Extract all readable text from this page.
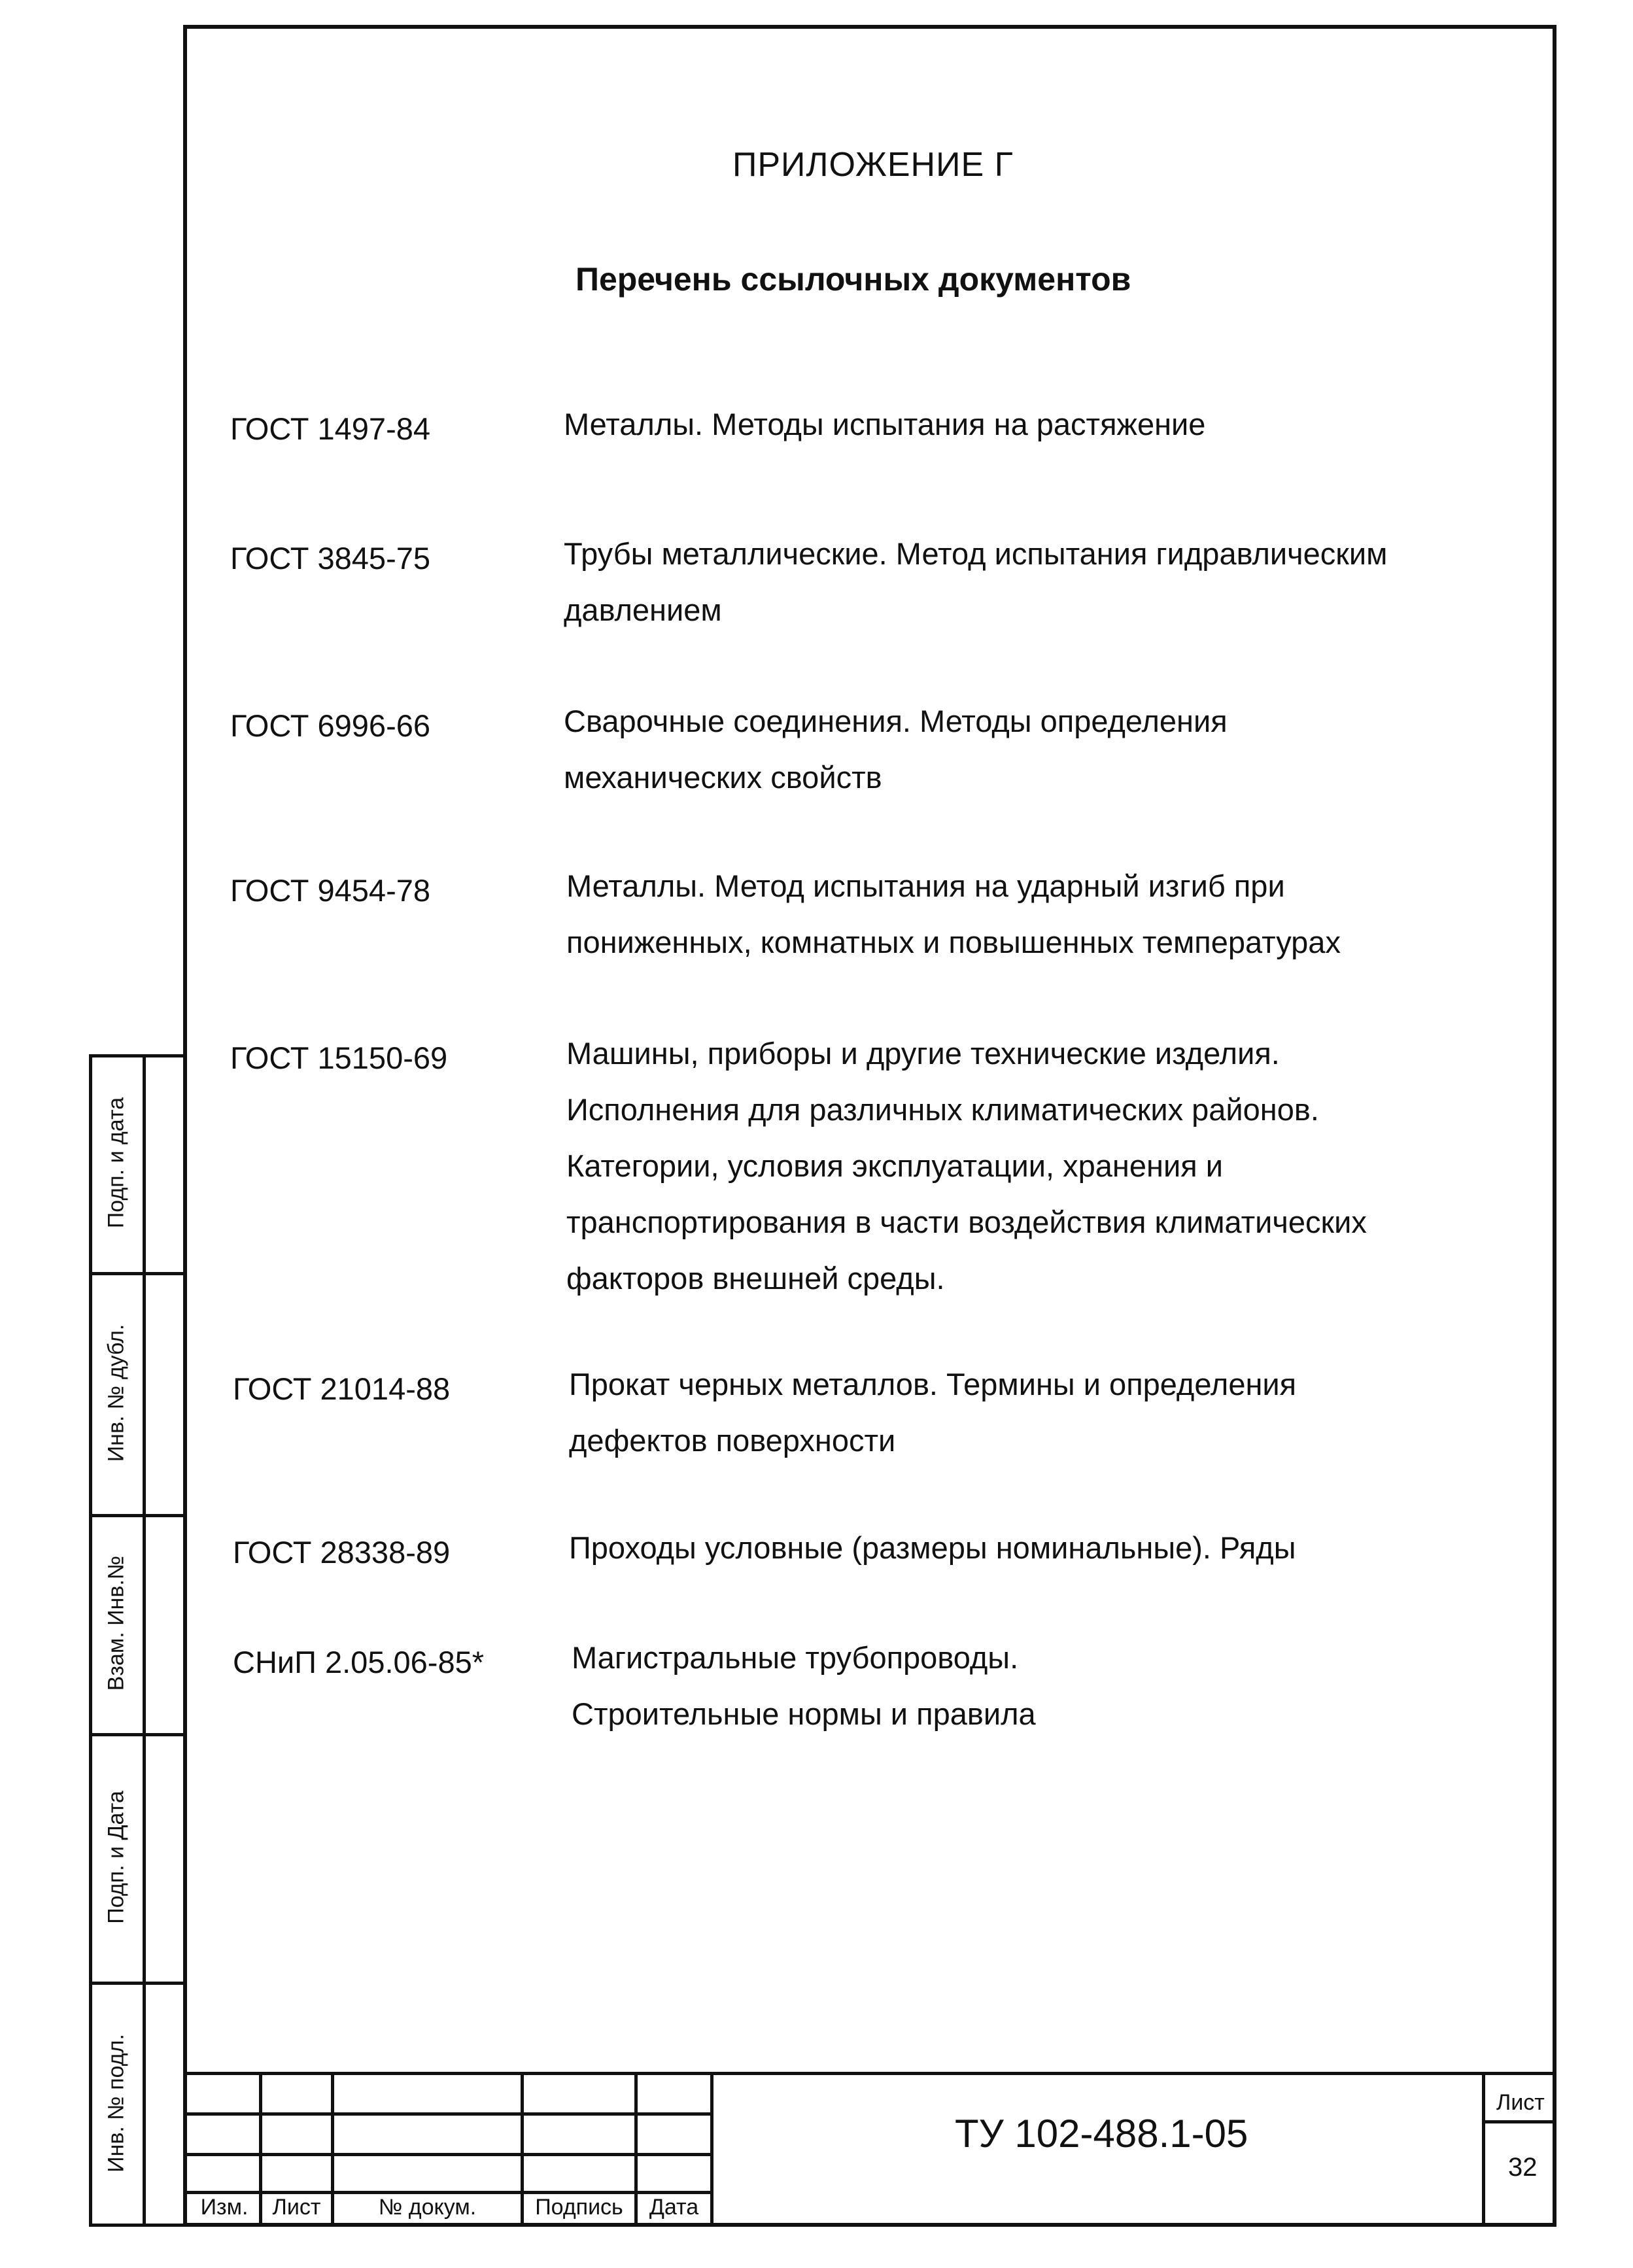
ПРИЛОЖЕНИЕ Г
Перечень ссылочных документов
ГОСТ 1497-84	Металлы. Методы испытания на растяжение
ГОСТ 3845-75	Трубы металлические. Метод испытания гидравлическим давлением
ГОСТ 6996-66	Сварочные соединения. Методы определения механических свойств
ГОСТ 9454-78	Металлы. Метод испытания на ударный изгиб при пониженных, комнатных и повышенных температурах
ГОСТ 15150-69	Машины, приборы и другие технические изделия. Исполнения для различных климатических районов. Категории, условия эксплуатации, хранения и транспортирования в части воздействия климатических факторов внешней среды.
ГОСТ 21014-88	Прокат черных металлов. Термины и определения дефектов поверхности
ГОСТ 28338-89	Проходы условные (размеры номинальные). Ряды
СНиП 2.05.06-85*	Магистральные трубопроводы. Строительные нормы и правила
Подп. и дата
Инв. № дубл.
Взам. Инв.№
Подп. и Дата
Инв. № подл.
Изм.	Лист	№ докум.	Подпись	Дата
ТУ 102-488.1-05
Лист
32
